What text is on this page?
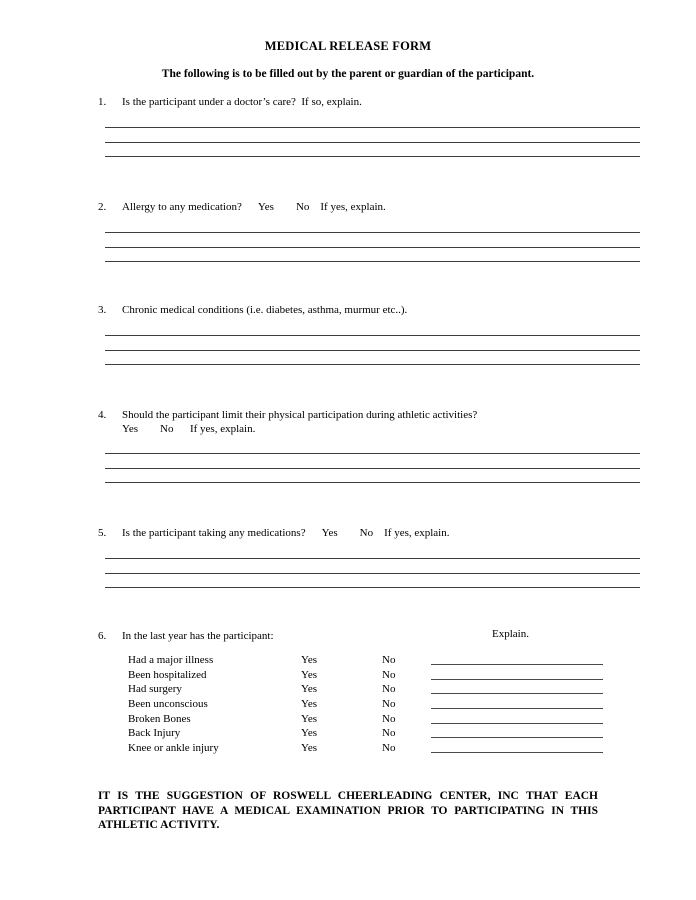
MEDICAL RELEASE FORM
The following is to be filled out by the parent or guardian of the participant.
1. Is the participant under a doctor’s care?  If so, explain.
2. Allergy to any medication?      Yes        No    If yes, explain.
3. Chronic medical conditions (i.e. diabetes, asthma, murmur etc..).
4. Should the participant limit their physical participation during athletic activities?
Yes        No      If yes, explain.
5. Is the participant taking any medications?      Yes        No    If yes, explain.
6. In the last year has the participant:	Explain.
Had a major illness	Yes	No
Been hospitalized	Yes	No
Had surgery	Yes	No
Been unconscious	Yes	No
Broken Bones	Yes	No
Back Injury	Yes	No
Knee or ankle injury	Yes	No
IT IS THE SUGGESTION OF ROSWELL CHEERLEADING CENTER, INC THAT EACH PARTICIPANT HAVE A MEDICAL EXAMINATION PRIOR TO PARTICIPATING IN THIS ATHLETIC ACTIVITY.
